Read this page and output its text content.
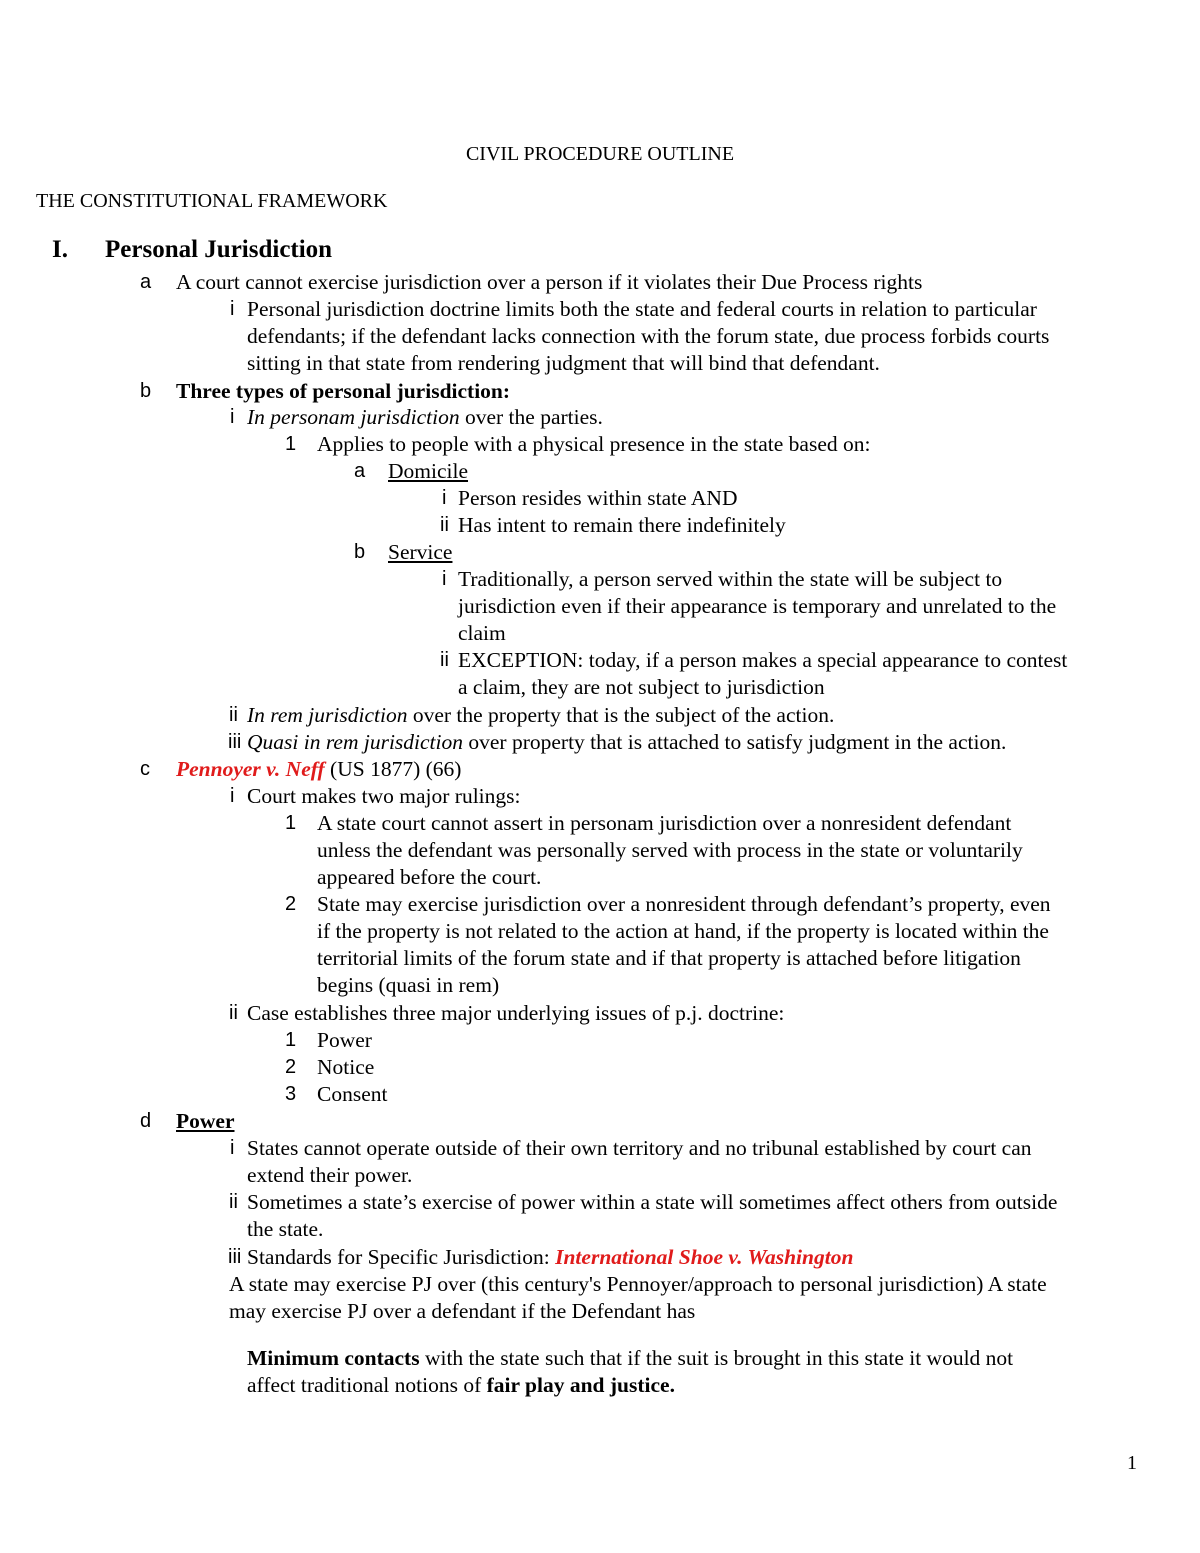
CIVIL PROCEDURE OUTLINE
THE CONSTITUTIONAL FRAMEWORK
I. Personal Jurisdiction
a A court cannot exercise jurisdiction over a person if it violates their Due Process rights
i Personal jurisdiction doctrine limits both the state and federal courts in relation to particular
defendants; if the defendant lacks connection with the forum state, due process forbids courts
sitting in that state from rendering judgment that will bind that defendant.
b Three types of personal jurisdiction:
i In personam jurisdiction over the parties.
1 Applies to people with a physical presence in the state based on:
a Domicile
i Person resides within state AND
ii Has intent to remain there indefinitely
b Service
i Traditionally, a person served within the state will be subject to
jurisdiction even if their appearance is temporary and unrelated to the
claim
ii EXCEPTION: today, if a person makes a special appearance to contest
a claim, they are not subject to jurisdiction
ii In rem jurisdiction over the property that is the subject of the action.
iii Quasi in rem jurisdiction over property that is attached to satisfy judgment in the action.
c Pennoyer v. Neff (US 1877) (66)
i Court makes two major rulings:
1 A state court cannot assert in personam jurisdiction over a nonresident defendant
unless the defendant was personally served with process in the state or voluntarily
appeared before the court.
2 State may exercise jurisdiction over a nonresident through defendant’s property, even
if the property is not related to the action at hand, if the property is located within the
territorial limits of the forum state and if that property is attached before litigation
begins (quasi in rem)
ii Case establishes three major underlying issues of p.j. doctrine:
1 Power
2 Notice
3 Consent
d Power
i States cannot operate outside of their own territory and no tribunal established by court can
extend their power.
ii Sometimes a state’s exercise of power within a state will sometimes affect others from outside
the state.
iii Standards for Specific Jurisdiction: International Shoe v. Washington
A state may exercise PJ over (this century's Pennoyer/approach to personal jurisdiction) A state
may exercise PJ over a defendant if the Defendant has
Minimum contacts with the state such that if the suit is brought in this state it would not
affect traditional notions of fair play and justice.
1
